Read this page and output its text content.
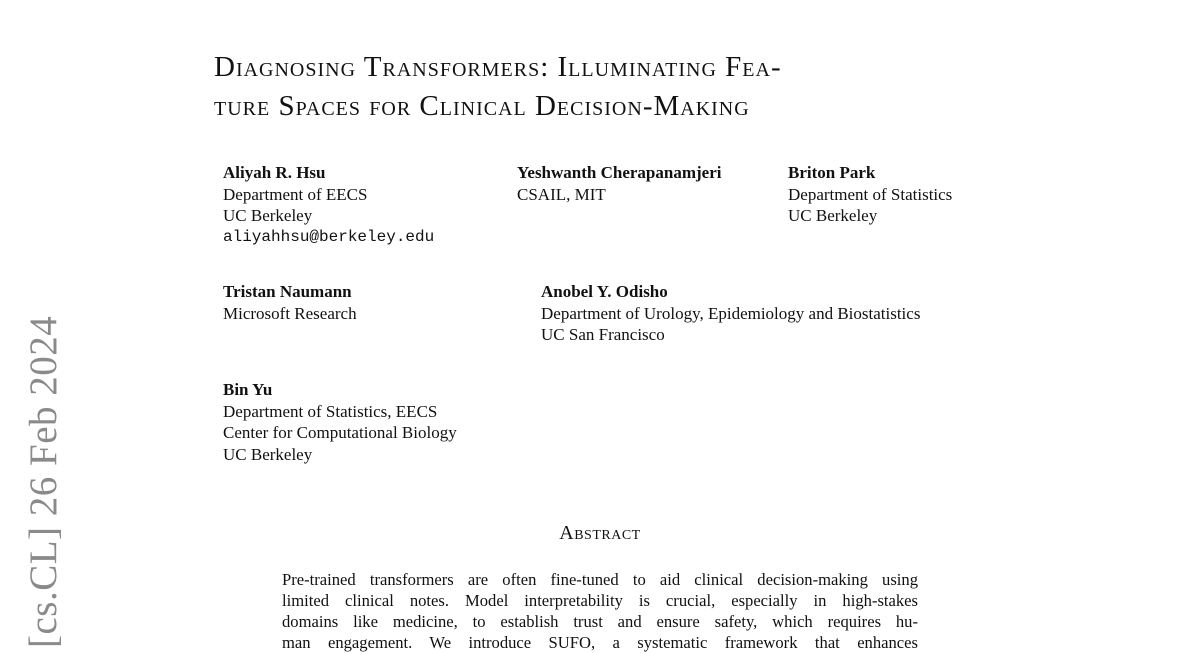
[cs.CL] 26 Feb 2024
Diagnosing Transformers: Illuminating Fea-
ture Spaces for Clinical Decision-Making
Aliyah R. Hsu
Department of EECS
UC Berkeley
aliyahhsu@berkeley.edu
Yeshwanth Cherapanamjeri
CSAIL, MIT
Briton Park
Department of Statistics
UC Berkeley
Tristan Naumann
Microsoft Research
Anobel Y. Odisho
Department of Urology, Epidemiology and Biostatistics
UC San Francisco
Bin Yu
Department of Statistics, EECS
Center for Computational Biology
UC Berkeley
Abstract
Pre-trained transformers are often fine-tuned to aid clinical decision-making using
limited clinical notes. Model interpretability is crucial, especially in high-stakes
domains like medicine, to establish trust and ensure safety, which requires hu-
man engagement. We introduce SUFO, a systematic framework that enhances
